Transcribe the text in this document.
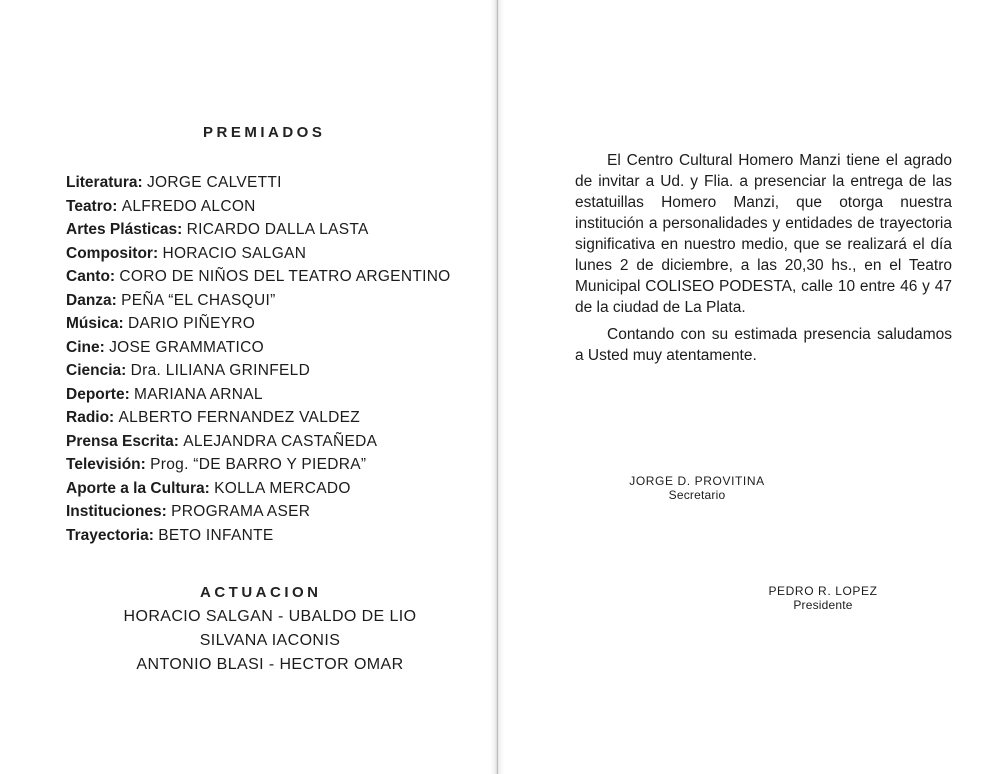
PREMIADOS
Literatura: JORGE CALVETTI
Teatro: ALFREDO ALCON
Artes Plásticas: RICARDO DALLA LASTA
Compositor: HORACIO SALGAN
Canto: CORO DE NIÑOS DEL TEATRO ARGENTINO
Danza: PEÑA “EL CHASQUI”
Música: DARIO PIÑEYRO
Cine: JOSE GRAMMATICO
Ciencia: Dra. LILIANA GRINFELD
Deporte: MARIANA ARNAL
Radio: ALBERTO FERNANDEZ VALDEZ
Prensa Escrita: ALEJANDRA CASTAÑEDA
Televisión: Prog. “DE BARRO Y PIEDRA”
Aporte a la Cultura: KOLLA MERCADO
Instituciones: PROGRAMA ASER
Trayectoria: BETO INFANTE
ACTUACION
HORACIO SALGAN - UBALDO DE LIO
SILVANA IACONIS
ANTONIO BLASI - HECTOR OMAR

El Centro Cultural Homero Manzi tiene el agrado de invitar a Ud. y Flia. a presenciar la entrega de las estatuillas Homero Manzi, que otorga nuestra institución a personalidades y entidades de trayectoria significativa en nuestro medio, que se realizará el día lunes 2 de diciembre, a las 20,30 hs., en el Teatro Municipal COLISEO PODESTA, calle 10 entre 46 y 47 de la ciudad de La Plata.

Contando con su estimada presencia saludamos a Usted muy atentamente.

JORGE D. PROVITINA
Secretario
PEDRO R. LOPEZ
Presidente
